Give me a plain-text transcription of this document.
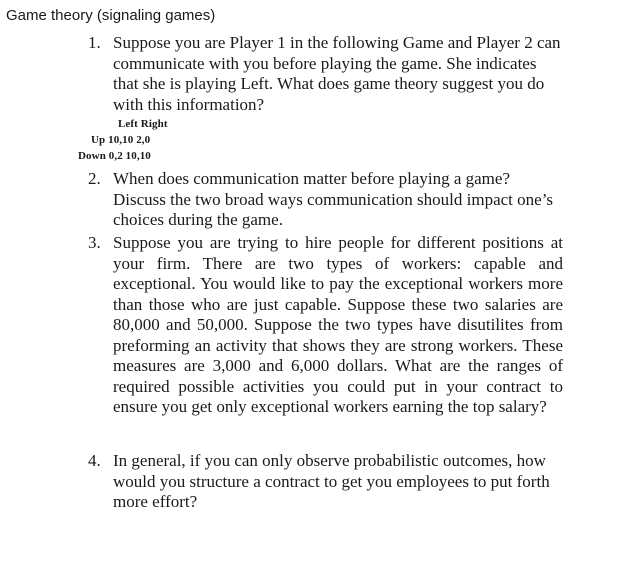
Game theory (signaling games)
1. Suppose you are Player 1 in the following Game and Player 2 can communicate with you before playing the game. She indicates that she is playing Left. What does game theory suggest you do with this information?
Left Right
Up 10,10 2,0
Down 0,2 10,10
2. When does communication matter before playing a game? Discuss the two broad ways communication should impact one’s choices during the game.
3. Suppose you are trying to hire people for different positions at your firm. There are two types of workers: capable and exceptional. You would like to pay the exceptional workers more than those who are just capable. Suppose these two salaries are 80,000 and 50,000. Suppose the two types have disutilites from preforming an activity that shows they are strong workers. These measures are 3,000 and 6,000 dollars. What are the ranges of required possible activities you could put in your contract to ensure you get only exceptional workers earning the top salary?
4. In general, if you can only observe probabilistic outcomes, how would you structure a contract to get you employees to put forth more effort?
